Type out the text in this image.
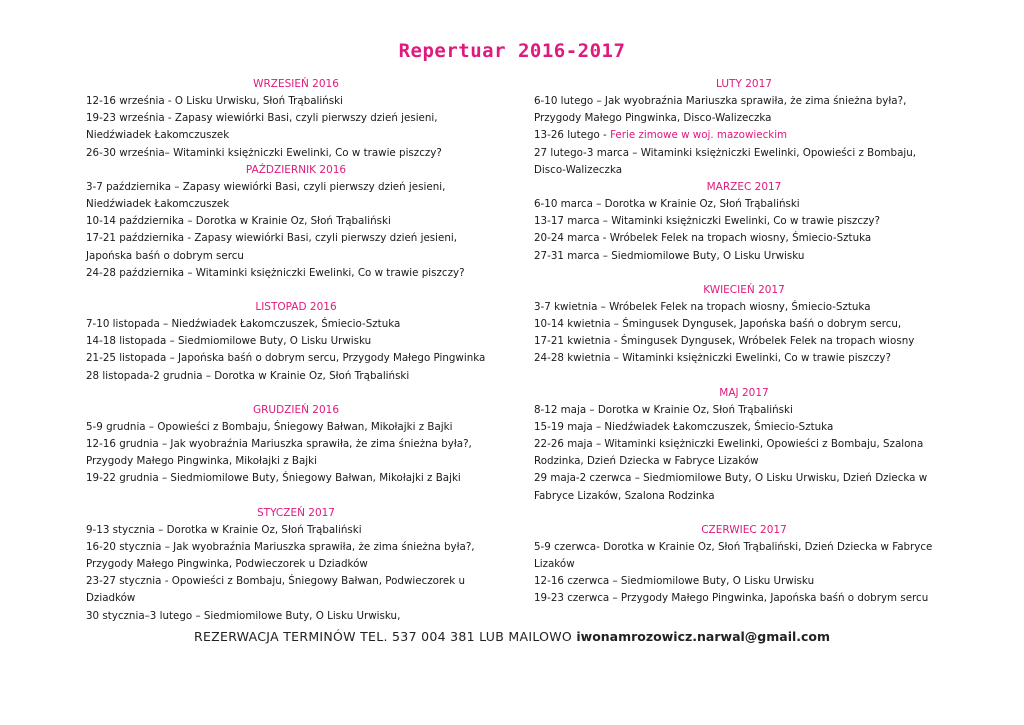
Repertuar 2016-2017
WRZESIEŃ 2016
12-16 września - O Lisku Urwisku, Słoń Trąbaliński
19-23 września - Zapasy wiewiórki Basi, czyli pierwszy dzień jesieni,
Niedźwiadek Łakomczuszek
26-30 września– Witaminki księżniczki Ewelinki, Co w trawie piszczy?
PAŹDZIERNIK 2016
3-7 października – Zapasy wiewiórki Basi, czyli pierwszy dzień jesieni,
Niedźwiadek Łakomczuszek
10-14 października – Dorotka w Krainie Oz, Słoń Trąbaliński
17-21 października - Zapasy wiewiórki Basi, czyli pierwszy dzień jesieni,
Japońska baśń o dobrym sercu
24-28 października – Witaminki księżniczki Ewelinki, Co w trawie piszczy?
LISTOPAD 2016
7-10 listopada – Niedźwiadek Łakomczuszek, Śmiecio-Sztuka
14-18 listopada – Siedmiomilowe Buty, O Lisku Urwisku
21-25 listopada – Japońska baśń o dobrym sercu, Przygody Małego Pingwinka
28 listopada-2 grudnia – Dorotka w Krainie Oz, Słoń Trąbaliński
GRUDZIEŃ 2016
5-9 grudnia – Opowieści z Bombaju, Śniegowy Bałwan, Mikołajki z Bajki
12-16 grudnia – Jak wyobraźnia Mariuszka sprawiła, że zima śnieżna była?,
Przygody Małego Pingwinka, Mikołajki z Bajki
19-22 grudnia – Siedmiomilowe Buty, Śniegowy Bałwan, Mikołajki z Bajki
STYCZEŃ 2017
9-13 stycznia – Dorotka w Krainie Oz, Słoń Trąbaliński
16-20 stycznia – Jak wyobraźnia Mariuszka sprawiła, że zima śnieżna była?,
Przygody Małego Pingwinka, Podwieczorek u Dziadków
23-27 stycznia - Opowieści z Bombaju, Śniegowy Bałwan, Podwieczorek u
Dziadków
30 stycznia–3 lutego – Siedmiomilowe Buty, O Lisku Urwisku,
LUTY 2017
6-10 lutego – Jak wyobraźnia Mariuszka sprawiła, że zima śnieżna była?,
Przygody Małego Pingwinka, Disco-Walizeczka
13-26 lutego - Ferie zimowe w woj. mazowieckim
27 lutego-3 marca – Witaminki księżniczki Ewelinki, Opowieści z Bombaju,
Disco-Walizeczka
MARZEC 2017
6-10 marca – Dorotka w Krainie Oz, Słoń Trąbaliński
13-17 marca – Witaminki księżniczki Ewelinki, Co w trawie piszczy?
20-24 marca - Wróbelek Felek na tropach wiosny, Śmiecio-Sztuka
27-31 marca – Siedmiomilowe Buty, O Lisku Urwisku
KWIECIEŃ 2017
3-7 kwietnia – Wróbelek Felek na tropach wiosny, Śmiecio-Sztuka
10-14 kwietnia – Śmingusek Dyngusek, Japońska baśń o dobrym sercu,
17-21 kwietnia - Śmingusek Dyngusek, Wróbelek Felek na tropach wiosny
24-28 kwietnia – Witaminki księżniczki Ewelinki, Co w trawie piszczy?
MAJ 2017
8-12 maja – Dorotka w Krainie Oz, Słoń Trąbaliński
15-19 maja – Niedźwiadek Łakomczuszek, Śmiecio-Sztuka
22-26 maja – Witaminki księżniczki Ewelinki, Opowieści z Bombaju, Szalona
Rodzinka, Dzień Dziecka w Fabryce Lizaków
29 maja-2 czerwca – Siedmiomilowe Buty, O Lisku Urwisku, Dzień Dziecka w
Fabryce Lizaków, Szalona Rodzinka
CZERWIEC 2017
5-9 czerwca- Dorotka w Krainie Oz, Słoń Trąbaliński, Dzień Dziecka w Fabryce
Lizaków
12-16 czerwca – Siedmiomilowe Buty, O Lisku Urwisku
19-23 czerwca – Przygody Małego Pingwinka, Japońska baśń o dobrym sercu
REZERWACJA TERMINÓW TEL. 537 004 381 LUB MAILOWO iwonamrozowicz.narwal@gmail.com
